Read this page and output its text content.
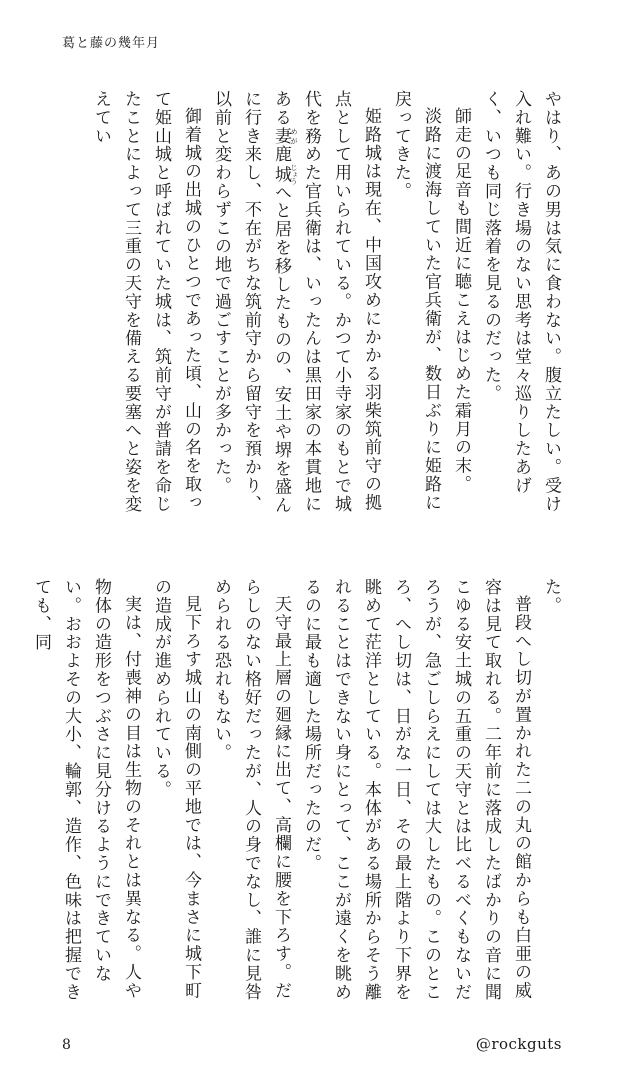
葛と藤の幾年月

やはり、あの男は気に食わない。腹立たしい。受け入れ難い。行き場のない思考は堂々巡りしたあげく、いつも同じ落着を見るのだった。

師走の足音も間近に聴こえはじめた霜月の末。

淡路に渡海していた官兵衛が、数日ぶりに姫路に戻ってきた。

姫路城は現在、中国攻めにかかる羽柴筑前守の拠点として用いられている。かつて小寺家のもとで城代を務めた官兵衛は、いったんは黒田家の本貫地にある妻 めが鹿城 じょうへと居を移したものの、安土や堺を盛んに行き来し、不在がちな筑前守から留守を預かり、以前と変わらずこの地で過ごすことが多かった。

御着城の出城のひとつであった頃、山の名を取って姫山城と呼ばれていた城は、筑前守が普請を命じたことによって三重の天守を備える要塞へと姿を変えてい

た。

普段へし切が置かれた二の丸の館からも白亜の威容は見て取れる。二年前に落成したばかりの音に聞こゆる安土城の五重の天守とは比べるべくもないだろうが、急ごしらえにしては大したもの。このところ、へし切は、日がな一日、その最上階より下界を眺めて茫洋としている。本体がある場所からそう離れることはできない身にとって、ここが遠くを眺めるのに最も適した場所だったのだ。

天守最上層の廻縁に出て、高欄に腰を下ろす。だらしのない格好だったが、人の身でなし、誰に見咎められる恐れもない。

見下ろす城山の南側の平地では、今まさに城下町の造成が進められている。

実は、付喪神の目は生物のそれとは異なる。人や物体の造形をつぶさに見分けるようにできていない。おおよその大小、輪郭、造作、色味は把握できても、同

8	@rockguts
